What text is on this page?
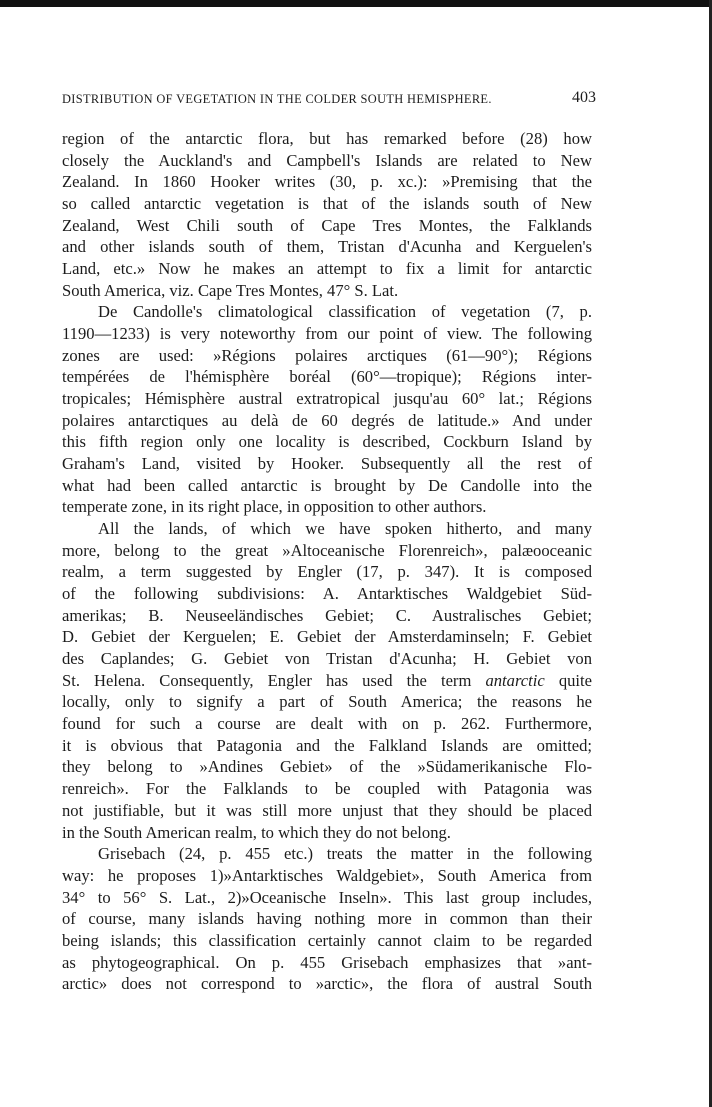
DISTRIBUTION OF VEGETATION IN THE COLDER SOUTH HEMISPHERE.	403
region of the antarctic flora, but has remarked before (28) how
closely the Auckland's and Campbell's Islands are related to New
Zealand. In 1860 Hooker writes (30, p. xc.): »Premising that the
so called antarctic vegetation is that of the islands south of New
Zealand, West Chili south of Cape Tres Montes, the Falklands
and other islands south of them, Tristan d'Acunha and Kerguelen's
Land, etc.» Now he makes an attempt to fix a limit for antarctic
South America, viz. Cape Tres Montes, 47° S. Lat.
De Candolle's climatological classification of vegetation (7, p.
1190—1233) is very noteworthy from our point of view. The following
zones are used: »Régions polaires arctiques (61—90°); Régions
tempérées de l'hémisphère boréal (60°—tropique); Régions inter-
tropicales; Hémisphère austral extratropical jusqu'au 60° lat.; Régions
polaires antarctiques au delà de 60 degrés de latitude.» And under
this fifth region only one locality is described, Cockburn Island by
Graham's Land, visited by Hooker. Subsequently all the rest of
what had been called antarctic is brought by De Candolle into the
temperate zone, in its right place, in opposition to other authors.
All the lands, of which we have spoken hitherto, and many
more, belong to the great »Altoceanische Florenreich», palæooceanic
realm, a term suggested by Engler (17, p. 347). It is composed
of the following subdivisions: A. Antarktisches Waldgebiet Süd-
amerikas; B. Neuseeländisches Gebiet; C. Australisches Gebiet;
D. Gebiet der Kerguelen; E. Gebiet der Amsterdaminseln; F. Gebiet
des Caplandes; G. Gebiet von Tristan d'Acunha; H. Gebiet von
St. Helena. Consequently, Engler has used the term antarctic quite
locally, only to signify a part of South America; the reasons he
found for such a course are dealt with on p. 262. Furthermore,
it is obvious that Patagonia and the Falkland Islands are omitted;
they belong to »Andines Gebiet» of the »Südamerikanische Flo-
renreich». For the Falklands to be coupled with Patagonia was
not justifiable, but it was still more unjust that they should be placed
in the South American realm, to which they do not belong.
Grisebach (24, p. 455 etc.) treats the matter in the following
way: he proposes 1)»Antarktisches Waldgebiet», South America from
34° to 56° S. Lat., 2)»Oceanische Inseln». This last group includes,
of course, many islands having nothing more in common than their
being islands; this classification certainly cannot claim to be regarded
as phytogeographical. On p. 455 Grisebach emphasizes that »ant-
arctic» does not correspond to »arctic», the flora of austral South
